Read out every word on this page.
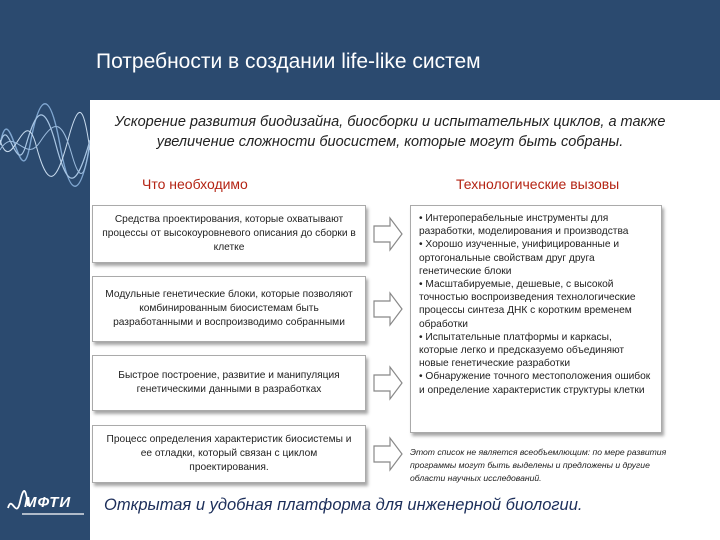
Потребности в создании life-like систем
Ускорение развития биодизайна, биосборки и испытательных циклов, а также увеличение сложности биосистем, которые могут быть собраны.
Что необходимо	Технологические вызовы
Средства проектирования, которые охватывают процессы от высокоуровневого описания до сборки в клетке
Модульные генетические блоки, которые позволяют комбинированным биосистемам быть разработанными и воспроизводимо собранными
Быстрое построение, развитие и манипуляция генетическими данными в разработках
Процесс определения характеристик биосистемы и ее отладки, который связан с циклом проектирования.

• Интероперабельные инструменты для разработки, моделирования и производства

• Хорошо изученные, унифицированные и ортогональные свойствам друг друга генетические блоки

• Масштабируемые, дешевые, с высокой точностью воспроизведения технологические процессы синтеза ДНК с коротким временем обработки

• Испытательные платформы и каркасы, которые легко и предсказуемо объединяют новые генетические разработки

• Обнаружение точного местоположения ошибок и определение характеристик структуры клетки

Этот список не является всеобъемлющим: по мере развития программы могут быть выделены и предложены и другие области научных исследований.
МФТИ Открытая и удобная платформа для инженерной биологии.
